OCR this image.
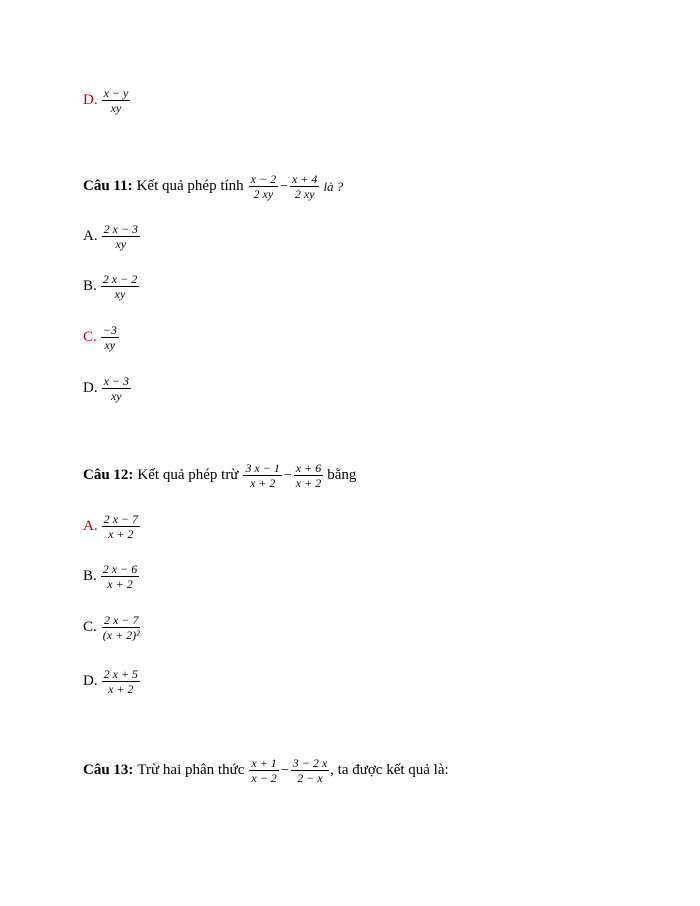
D. $\frac{x - y}{xy}$
Câu 11: Kết quả phép tính $\frac{x - 2}{2 xy} - \frac{x + 4}{2 xy}$ là ?
A. $\frac{2 x - 3}{xy}$
B. $\frac{2 x - 2}{xy}$
C. $\frac{-3}{xy}$
D. $\frac{x - 3}{xy}$
Câu 12: Kết quả phép trừ $\frac{3 x - 1}{x + 2} - \frac{x + 6}{x + 2}$ bằng
A. $\frac{2 x - 7}{x + 2}$
B. $\frac{2 x - 6}{x + 2}$
C. $\frac{2 x - 7}{\text{(x + 2)²}}$
D. $\frac{2 x + 5}{x + 2}$
Câu 13: Trừ hai phân thức $\frac{x + 1}{x - 2} - \frac{3 - 2 x}{2 - x}$ , ta được kết quả là:
